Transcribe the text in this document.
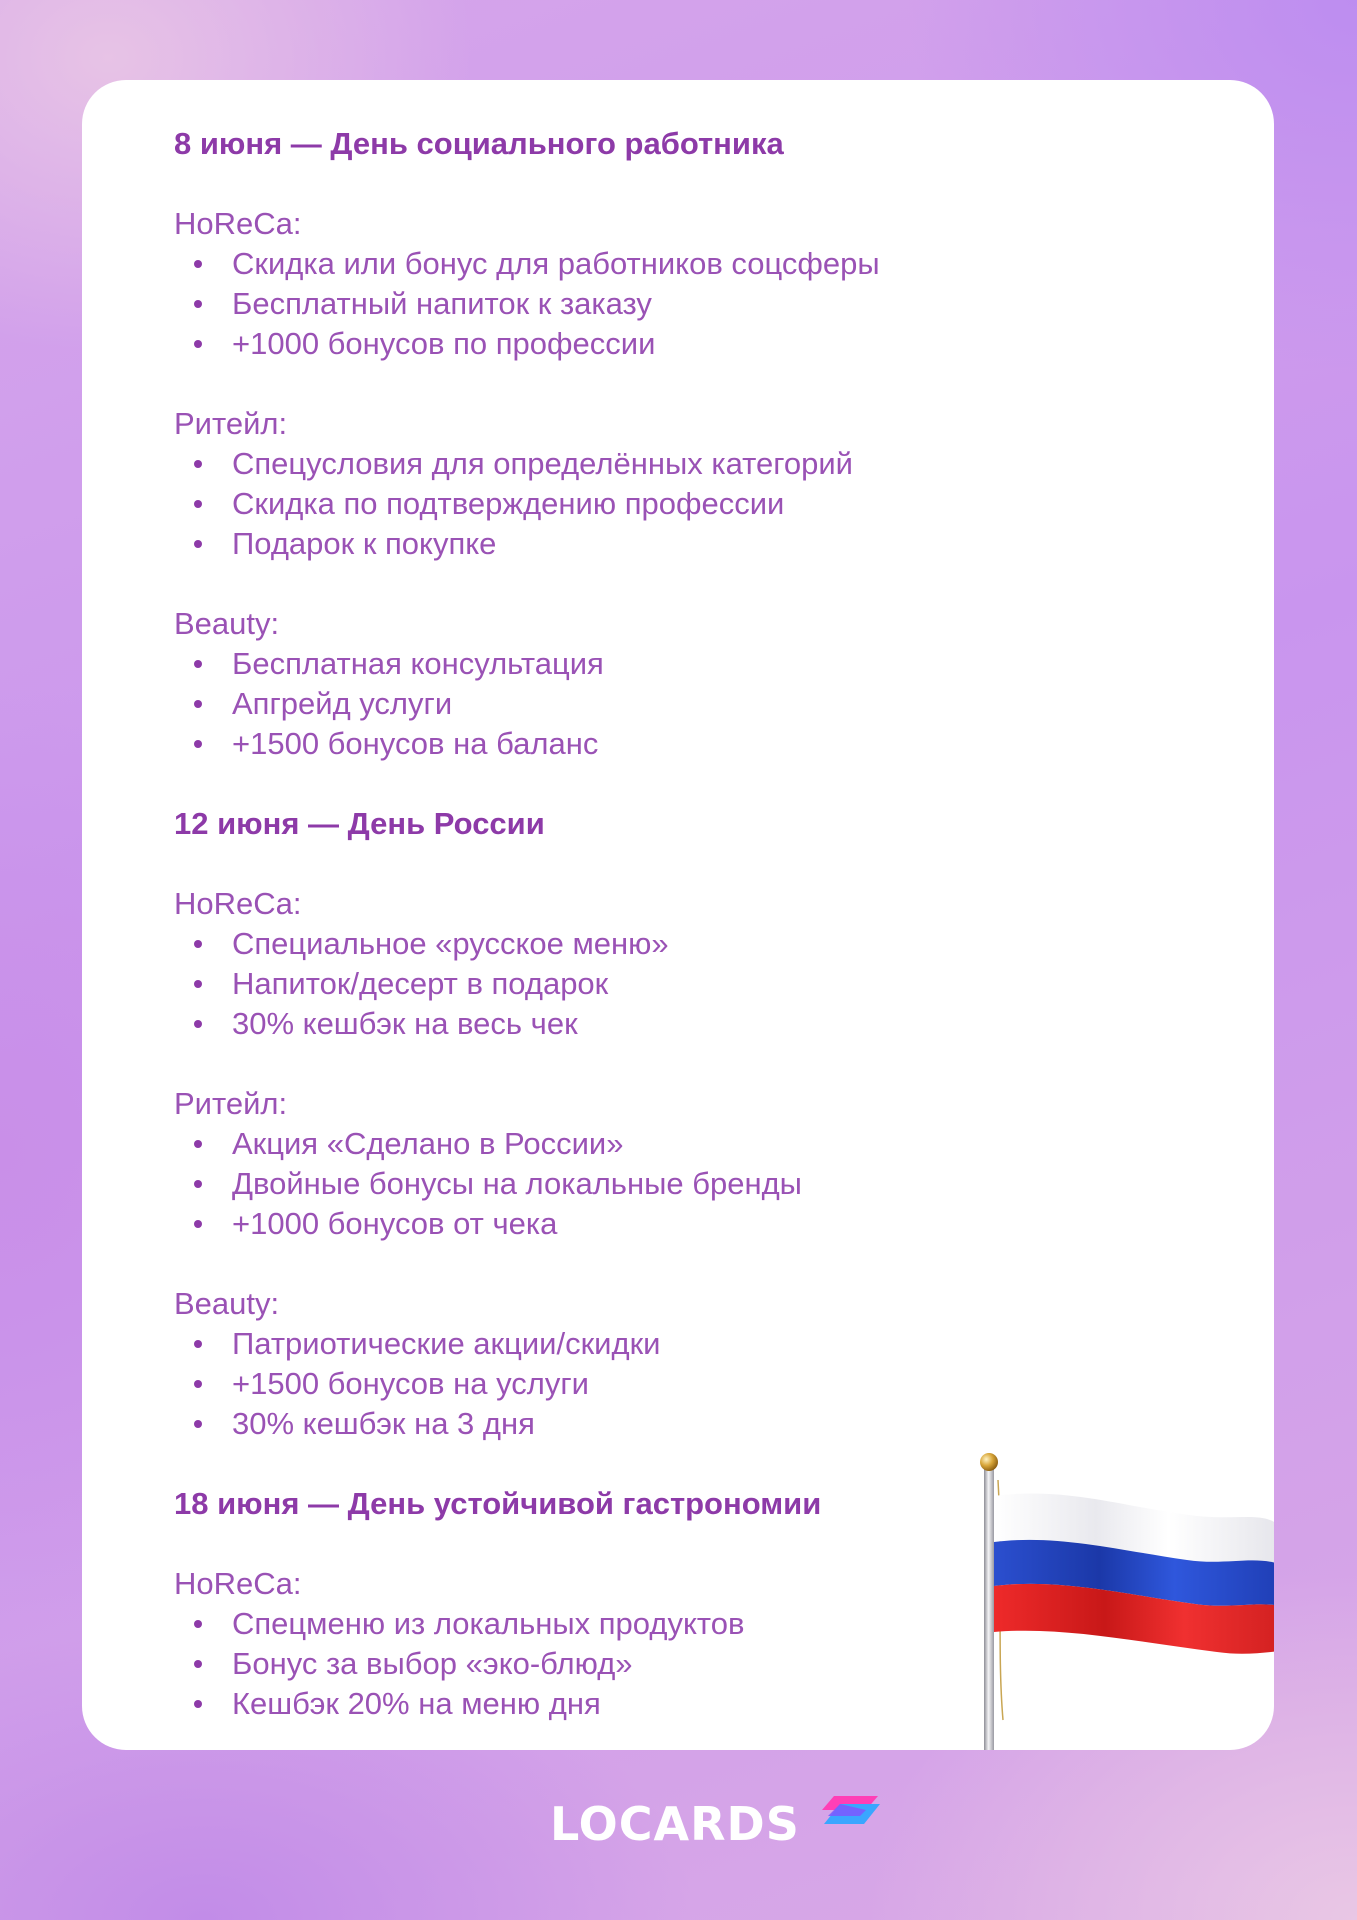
8 июня — День социального работника
HoReCa:
Скидка или бонус для работников соцсферы
Бесплатный напиток к заказу
+1000 бонусов по профессии
Ритейл:
Спецусловия для определённых категорий
Скидка по подтверждению профессии
Подарок к покупке
Beauty:
Бесплатная консультация
Апгрейд услуги
+1500 бонусов на баланс
12 июня — День России
HoReCa:
Специальное «русское меню»
Напиток/десерт в подарок
30% кешбэк на весь чек
Ритейл:
Акция «Сделано в России»
Двойные бонусы на локальные бренды
+1000 бонусов от чека
Beauty:
Патриотические акции/скидки
+1500 бонусов на услуги
30% кешбэк на 3 дня
18 июня — День устойчивой гастрономии
HoReCa:
Спецменю из локальных продуктов
Бонус за выбор «эко-блюд»
Кешбэк 20% на меню дня
LOCARDS
